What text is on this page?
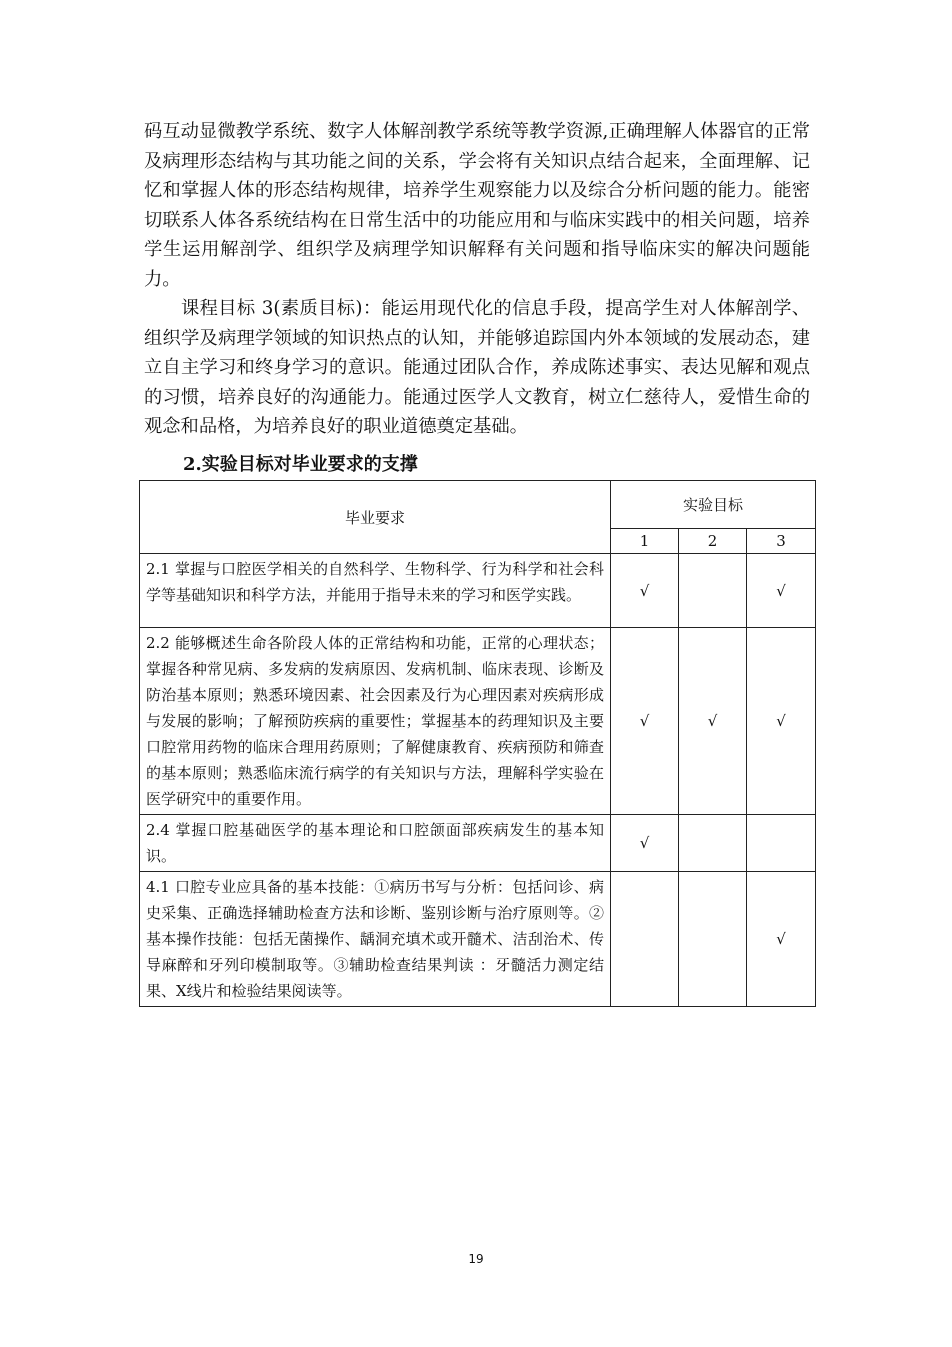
码互动显微教学系统、数字人体解剖教学系统等教学资源,正确理解人体器官的正常及病理形态结构与其功能之间的关系，学会将有关知识点结合起来，全面理解、记忆和掌握人体的形态结构规律，培养学生观察能力以及综合分析问题的能力。能密切联系人体各系统结构在日常生活中的功能应用和与临床实践中的相关问题，培养学生运用解剖学、组织学及病理学知识解释有关问题和指导临床实的解决问题能力。

课程目标 3(素质目标)：能运用现代化的信息手段，提高学生对人体解剖学、组织学及病理学领域的知识热点的认知，并能够追踪国内外本领域的发展动态，建立自主学习和终身学习的意识。能通过团队合作，养成陈述事实、表达见解和观点的习惯，培养良好的沟通能力。能通过医学人文教育，树立仁慈待人，爱惜生命的观念和品格，为培养良好的职业道德奠定基础。

2.实验目标对毕业要求的支撑
毕业要求	实验目标		
	1	2	3
2.1 掌握与口腔医学相关的自然科学、生物科学、行为科学和社会科学等基础知识和科学方法，并能用于指导未来的学习和医学实践。	√		√
2.2 能够概述生命各阶段人体的正常结构和功能，正常的心理状态；掌握各种常见病、多发病的发病原因、发病机制、临床表现、诊断及防治基本原则；熟悉环境因素、社会因素及行为心理因素对疾病形成与发展的影响；了解预防疾病的重要性；掌握基本的药理知识及主要口腔常用药物的临床合理用药原则；了解健康教育、疾病预防和筛查的基本原则；熟悉临床流行病学的有关知识与方法，理解科学实验在医学研究中的重要作用。	√	√	√
2.4 掌握口腔基础医学的基本理论和口腔颌面部疾病发生的基本知识。	√		
4.1 口腔专业应具备的基本技能：①病历书写与分析：包括问诊、病史采集、正确选择辅助检查方法和诊断、鉴别诊断与治疗原则等。②基本操作技能：包括无菌操作、龋洞充填术或开髓术、洁刮治术、传导麻醉和牙列印模制取等。③辅助检查结果判读 ：牙髓活力测定结果、X线片和检验结果阅读等。			√
19
